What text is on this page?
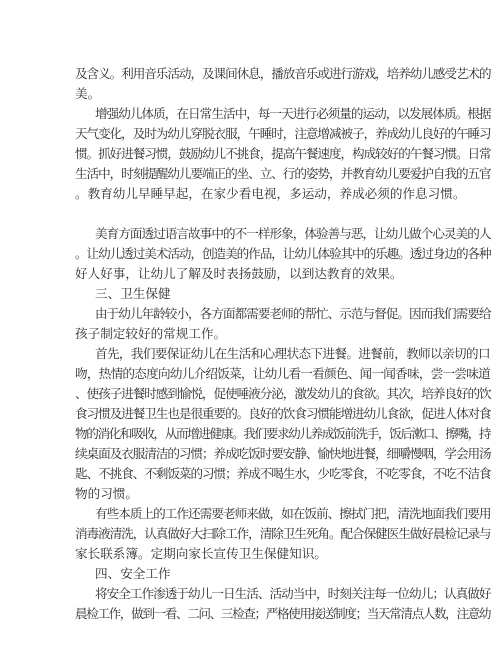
及含义。利用音乐活动，及课间休息，播放音乐或进行游戏，培养幼儿感受艺术的
美。
增强幼儿体质，在日常生活中，每一天进行必须量的运动，以发展体质。根据
天气变化，及时为幼儿穿脱衣服，午睡时，注意增减被子，养成幼儿良好的午睡习
惯。抓好进餐习惯，鼓励幼儿不挑食，提高午餐速度，构成较好的午餐习惯。日常
生活中，时刻提醒幼儿要端正的坐、立、行的姿势，并教育幼儿要爱护自我的五官
。教育幼儿早睡早起，在家少看电视，多运动，养成必须的作息习惯。
美育方面透过语言故事中的不一样形象，体验善与恶，让幼儿做个心灵美的人
。让幼儿透过美术活动，创造美的作品，让幼儿体验其中的乐趣。透过身边的各种
好人好事，让幼儿了解及时表扬鼓励，以到达教育的效果。
三、卫生保健
由于幼儿年龄较小，各方面都需要老师的帮忙、示范与督促。因而我们需要给
孩子制定较好的常规工作。
首先，我们要保证幼儿在生活和心理状态下进餐。进餐前，教师以亲切的口
吻，热情的态度向幼儿介绍饭菜，让幼儿看一看颜色、闻一闻香味，尝一尝味道
、使孩子进餐时感到愉悦，促使唾液分泌，激发幼儿的食欲。其次，培养良好的饮
食习惯及进餐卫生也是很重要的。良好的饮食习惯能增进幼儿食欲，促进人体对食
物的消化和吸收，从而增进健康。我们要求幼儿养成饭前洗手，饭后漱口、擦嘴，持
续桌面及衣服清洁的习惯；养成吃饭时要安静、愉快地进餐，细嚼慢咽，学会用汤
匙、不挑食、不剩饭菜的习惯；养成不喝生水，少吃零食，不吃零食，不吃不洁食
物的习惯。
有些本质上的工作还需要老师来做，如在饭前、擦拭门把，清洗地面我们要用
消毒液清洗，认真做好大扫除工作，清除卫生死角。配合保健医生做好晨检记录与
家长联系簿。定期向家长宣传卫生保健知识。
四、安全工作
将安全工作渗透于幼儿一日生活、活动当中，时刻关注每一位幼儿；认真做好
晨检工作，做到一看、二问、三检查；严格使用接送制度；当天常清点人数，注意幼
